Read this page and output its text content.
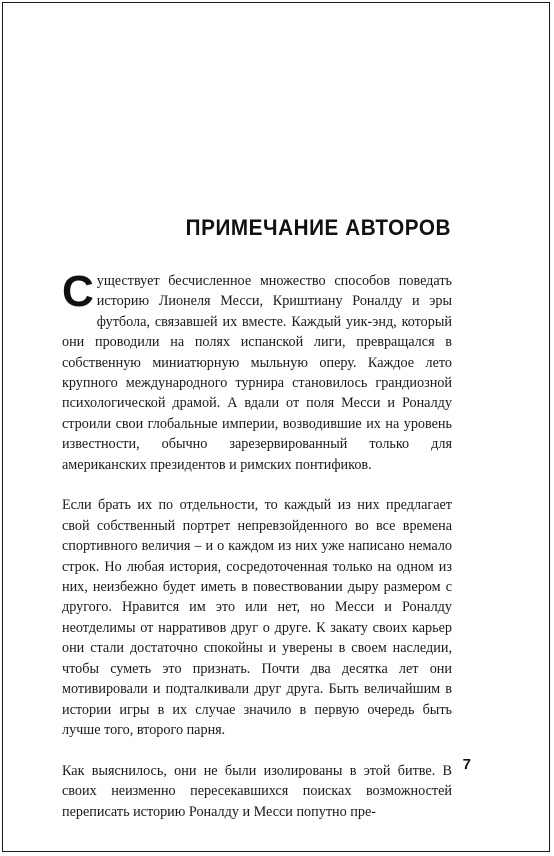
ПРИМЕЧАНИЕ АВТОРОВ

Существует бесчисленное множество способов поведать историю Лионеля Месси, Криштиану Роналду и эры футбола, связавшей их вместе. Каждый уик-энд, который они проводили на полях испанской лиги, превращался в собственную миниатюрную мыльную оперу. Каждое лето крупного международного турнира становилось грандиозной психологической драмой. А вдали от поля Месси и Роналду строили свои глобальные империи, возводившие их на уровень известности, обычно зарезервированный только для американских президентов и римских понтификов.

Если брать их по отдельности, то каждый из них предлагает свой собственный портрет непревзойденного во все времена спортивного величия – и о каждом из них уже написано немало строк. Но любая история, сосредоточенная только на одном из них, неизбежно будет иметь в повествовании дыру размером с другого. Нравится им это или нет, но Месси и Роналду неотделимы от нарративов друг о друге. К закату своих карьер они стали достаточно спокойны и уверены в своем наследии, чтобы суметь это признать. Почти два десятка лет они мотивировали и подталкивали друг друга. Быть величайшим в истории игры в их случае значило в первую очередь быть лучше того, второго парня.

Как выяснилось, они не были изолированы в этой битве. В своих неизменно пересекавшихся поисках возможностей переписать историю Роналду и Месси попутно пре-

7
